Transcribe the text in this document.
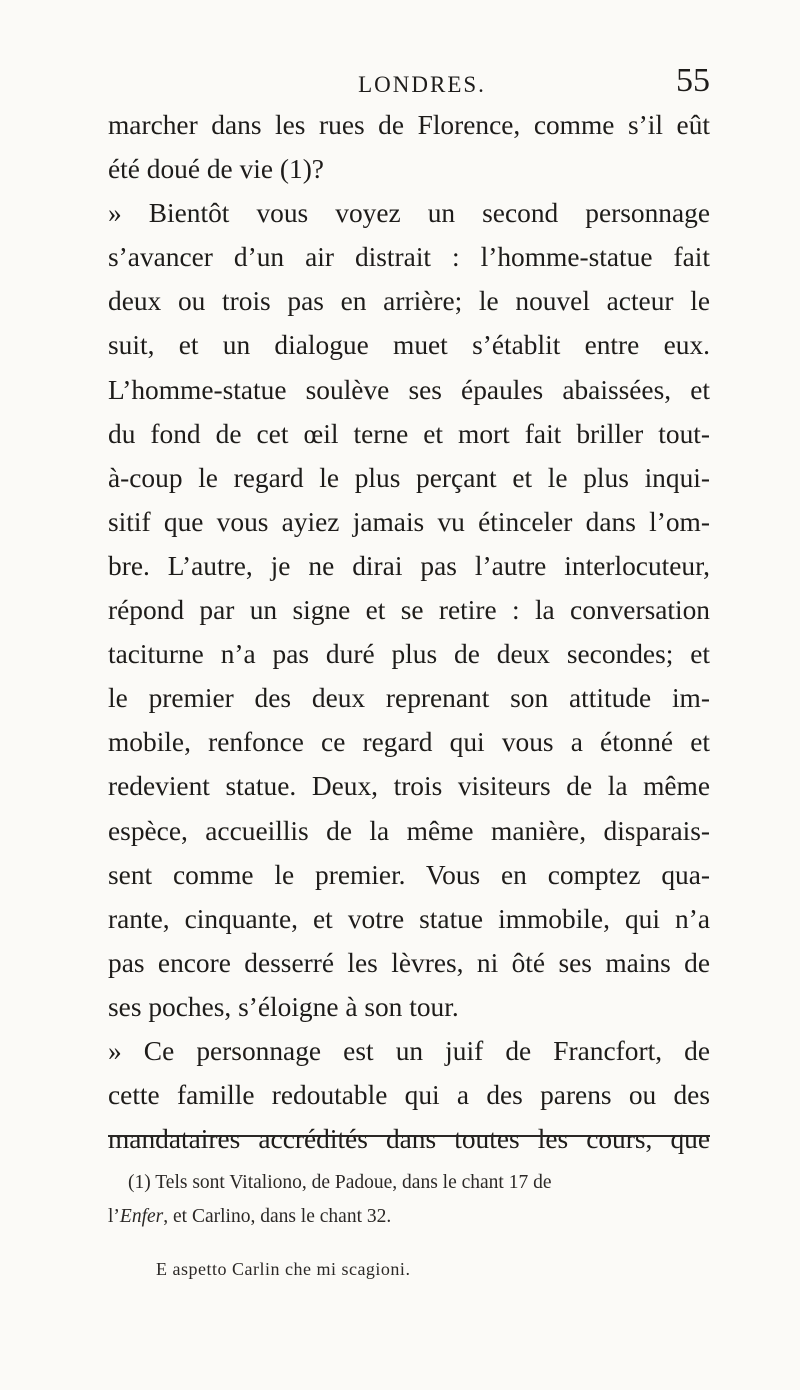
LONDRES.	55
marcher dans les rues de Florence, comme s’il eût
été doué de vie (1)?
» Bientôt vous voyez un second personnage
s’avancer d’un air distrait : l’homme-statue fait
deux ou trois pas en arrière; le nouvel acteur le
suit, et un dialogue muet s’établit entre eux.
L’homme-statue soulève ses épaules abaissées, et
du fond de cet œil terne et mort fait briller tout-
à-coup le regard le plus perçant et le plus inqui-
sitif que vous ayiez jamais vu étinceler dans l’om-
bre. L’autre, je ne dirai pas l’autre interlocuteur,
répond par un signe et se retire : la conversation
taciturne n’a pas duré plus de deux secondes; et
le premier des deux reprenant son attitude im-
mobile, renfonce ce regard qui vous a étonné et
redevient statue. Deux, trois visiteurs de la même
espèce, accueillis de la même manière, disparais-
sent comme le premier. Vous en comptez qua-
rante, cinquante, et votre statue immobile, qui n’a
pas encore desserré les lèvres, ni ôté ses mains de
ses poches, s’éloigne à son tour.
» Ce personnage est un juif de Francfort, de
cette famille redoutable qui a des parens ou des
mandataires accrédités dans toutes les cours, que
(1) Tels sont Vitaliono, de Padoue, dans le chant 17 de
l’Enfer, et Carlino, dans le chant 32.
E aspetto Carlin che mi scagioni.
